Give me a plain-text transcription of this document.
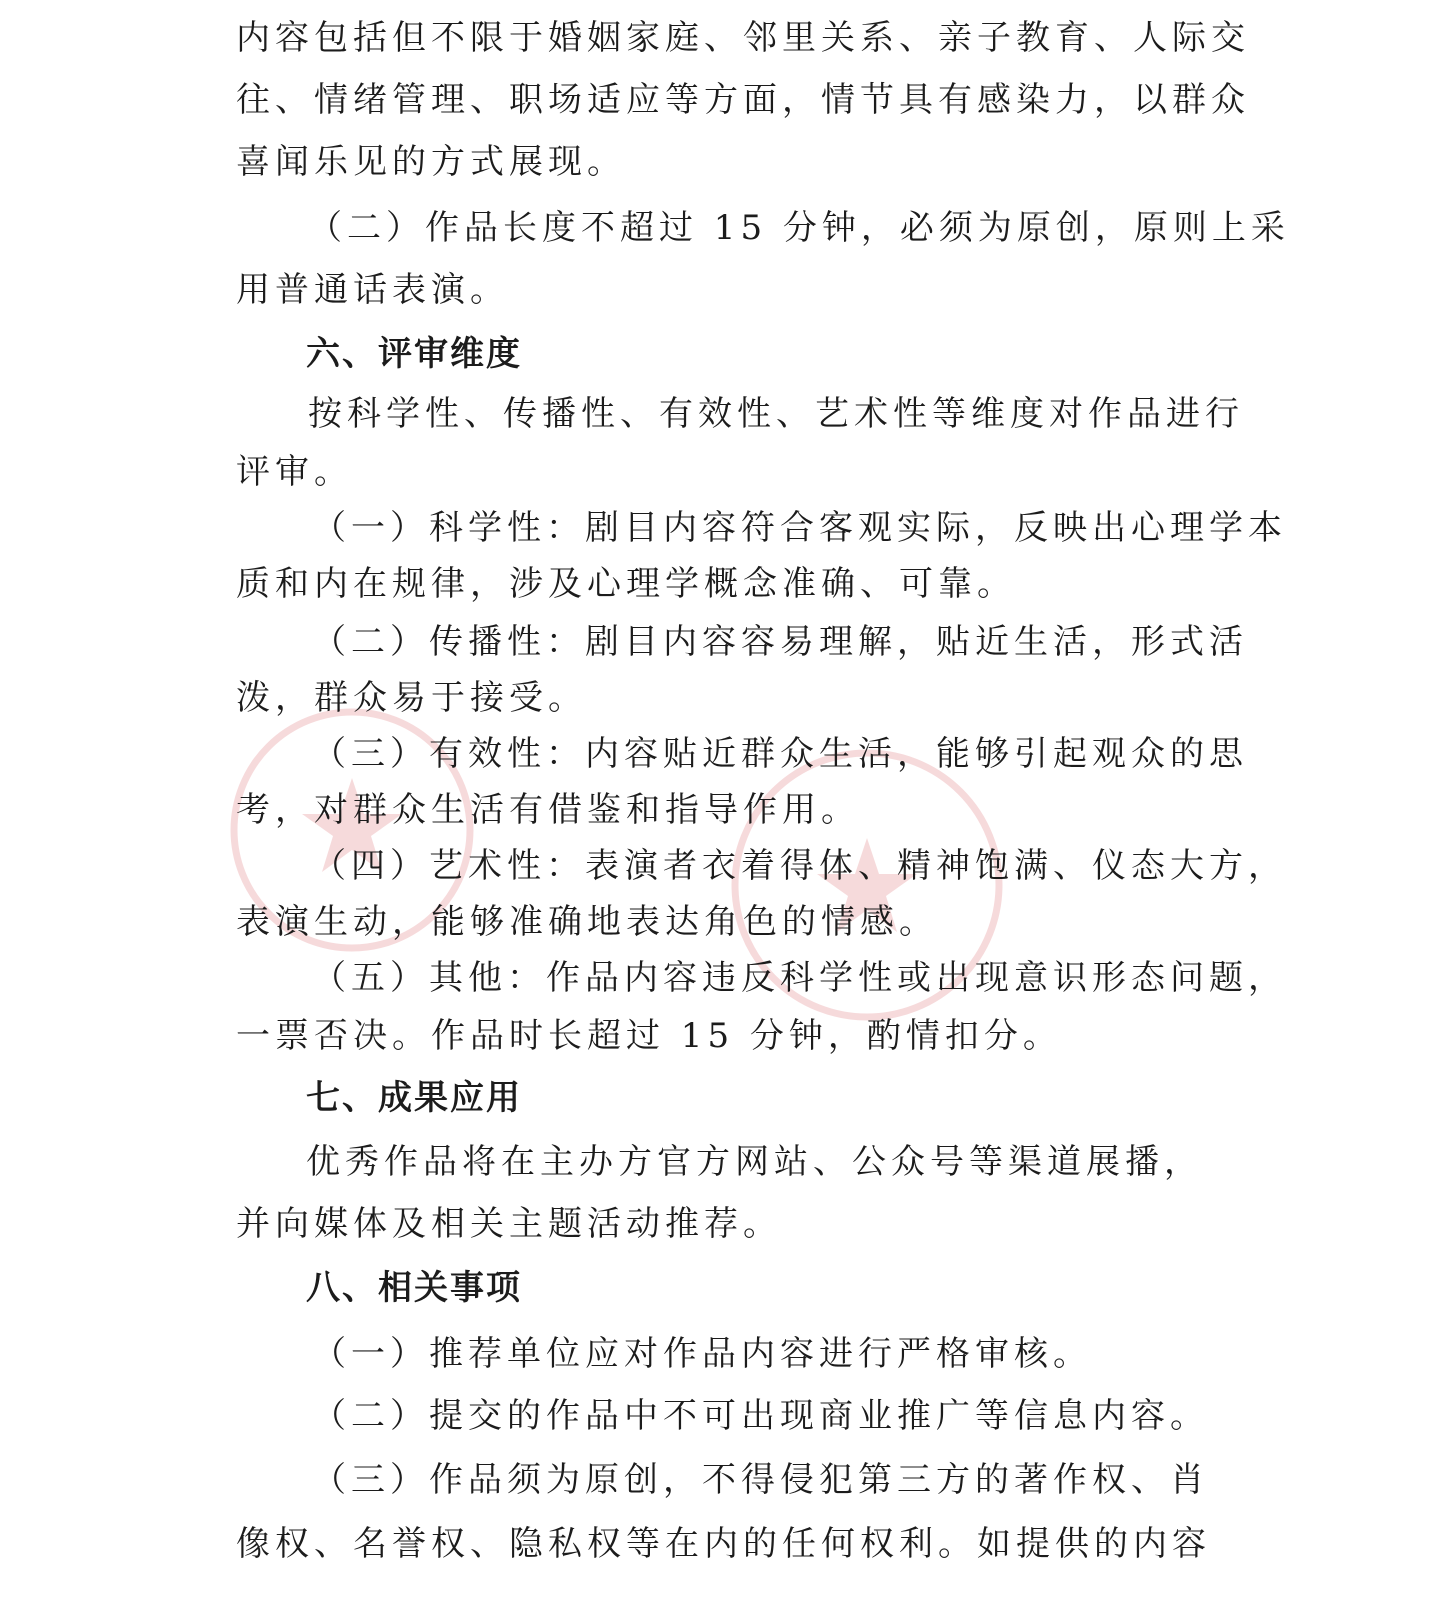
内容包括但不限于婚姻家庭、邻里关系、亲子教育、人际交
往、情绪管理、职场适应等方面，情节具有感染力，以群众
喜闻乐见的方式展现。
（二）作品长度不超过 15 分钟，必须为原创，原则上采
用普通话表演。
六、评审维度
按科学性、传播性、有效性、艺术性等维度对作品进行
评审。
（一）科学性：剧目内容符合客观实际，反映出心理学本
质和内在规律，涉及心理学概念准确、可靠。
（二）传播性：剧目内容容易理解，贴近生活，形式活
泼，群众易于接受。
（三）有效性：内容贴近群众生活，能够引起观众的思
考，对群众生活有借鉴和指导作用。
（四）艺术性：表演者衣着得体、精神饱满、仪态大方，
表演生动，能够准确地表达角色的情感。
（五）其他：作品内容违反科学性或出现意识形态问题，
一票否决。作品时长超过 15 分钟，酌情扣分。
七、成果应用
优秀作品将在主办方官方网站、公众号等渠道展播，
并向媒体及相关主题活动推荐。
八、相关事项
（一）推荐单位应对作品内容进行严格审核。
（二）提交的作品中不可出现商业推广等信息内容。
（三）作品须为原创，不得侵犯第三方的著作权、肖
像权、名誉权、隐私权等在内的任何权利。如提供的内容
